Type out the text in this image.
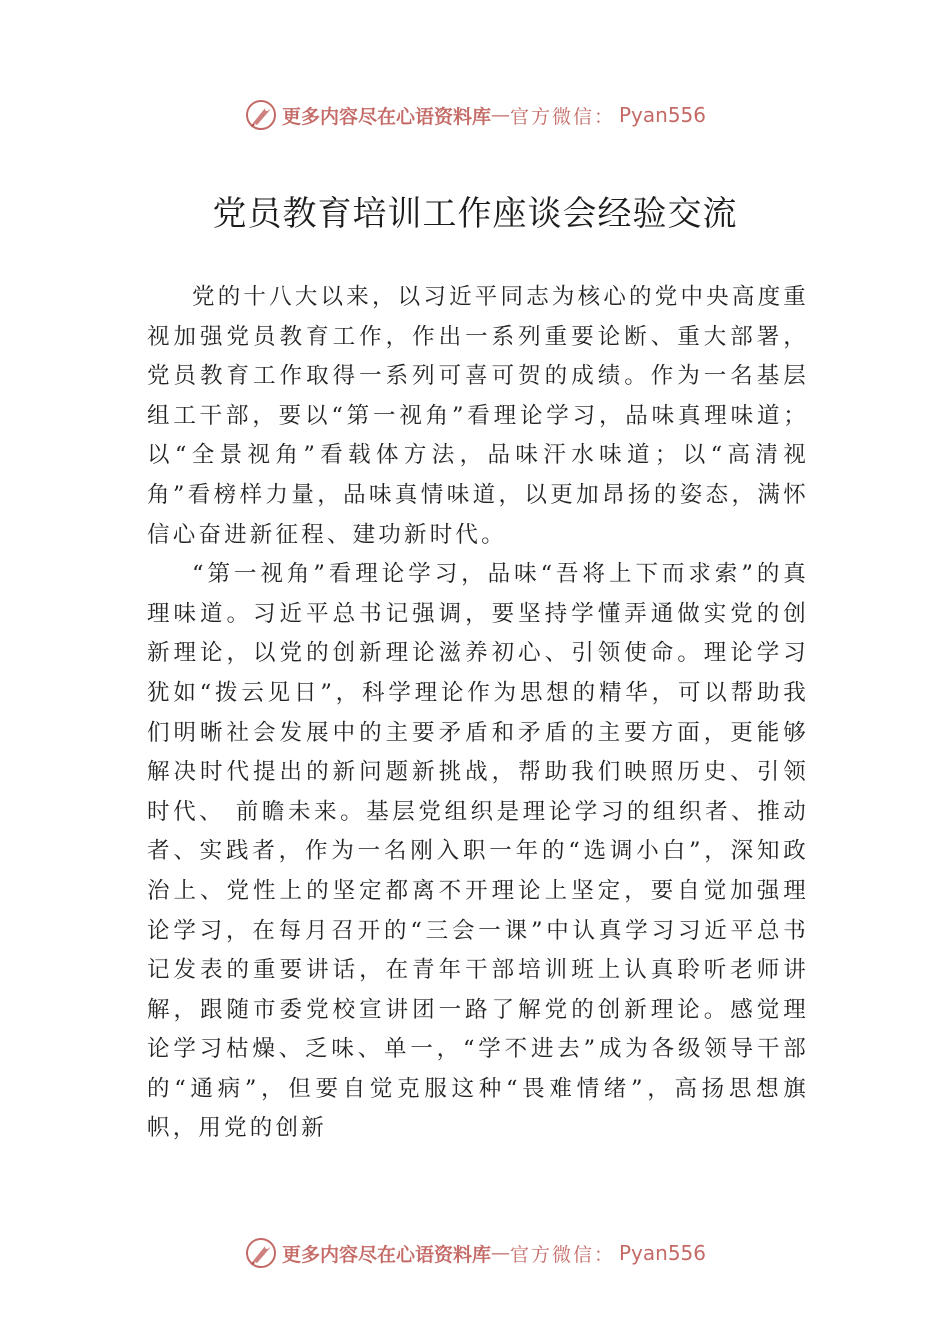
更多内容尽在心语资料库 — 官方微信： Pyan556
党员教育培训工作座谈会经验交流

党的十八大以来，以习近平同志为核心的党中央高度重视加强党员教育工作，作出一系列重要论断、重大部署，党员教育工作取得一系列可喜可贺的成绩。作为一名基层组工干部，要以“第一视角”看理论学习，品味真理味道；以“全景视角”看载体方法，品味汗水味道；以“高清视角”看榜样力量，品味真情味道，以更加昂扬的姿态，满怀信心奋进新征程、建功新时代。

“第一视角”看理论学习，品味“吾将上下而求索”的真理味道。习近平总书记强调，要坚持学懂弄通做实党的创新理论，以党的创新理论滋养初心、引领使命。理论学习犹如“拨云见日”，科学理论作为思想的精华，可以帮助我们明晰社会发展中的主要矛盾和矛盾的主要方面，更能够解决时代提出的新问题新挑战，帮助我们映照历史、引领时代、 前瞻未来。基层党组织是理论学习的组织者、推动者、实践者，作为一名刚入职一年的“选调小白”，深知政治上、党性上的坚定都离不开理论上坚定，要自觉加强理论学习，在每月召开的“三会一课”中认真学习习近平总书记发表的重要讲话，在青年干部培训班上认真聆听老师讲解，跟随市委党校宣讲团一路了解党的创新理论。感觉理论学习枯燥、乏味、单一，“学不进去”成为各级领导干部的“通病”，但要自觉克服这种“畏难情绪”，高扬思想旗帜，用党的创新

更多内容尽在心语资料库 — 官方微信： Pyan556
